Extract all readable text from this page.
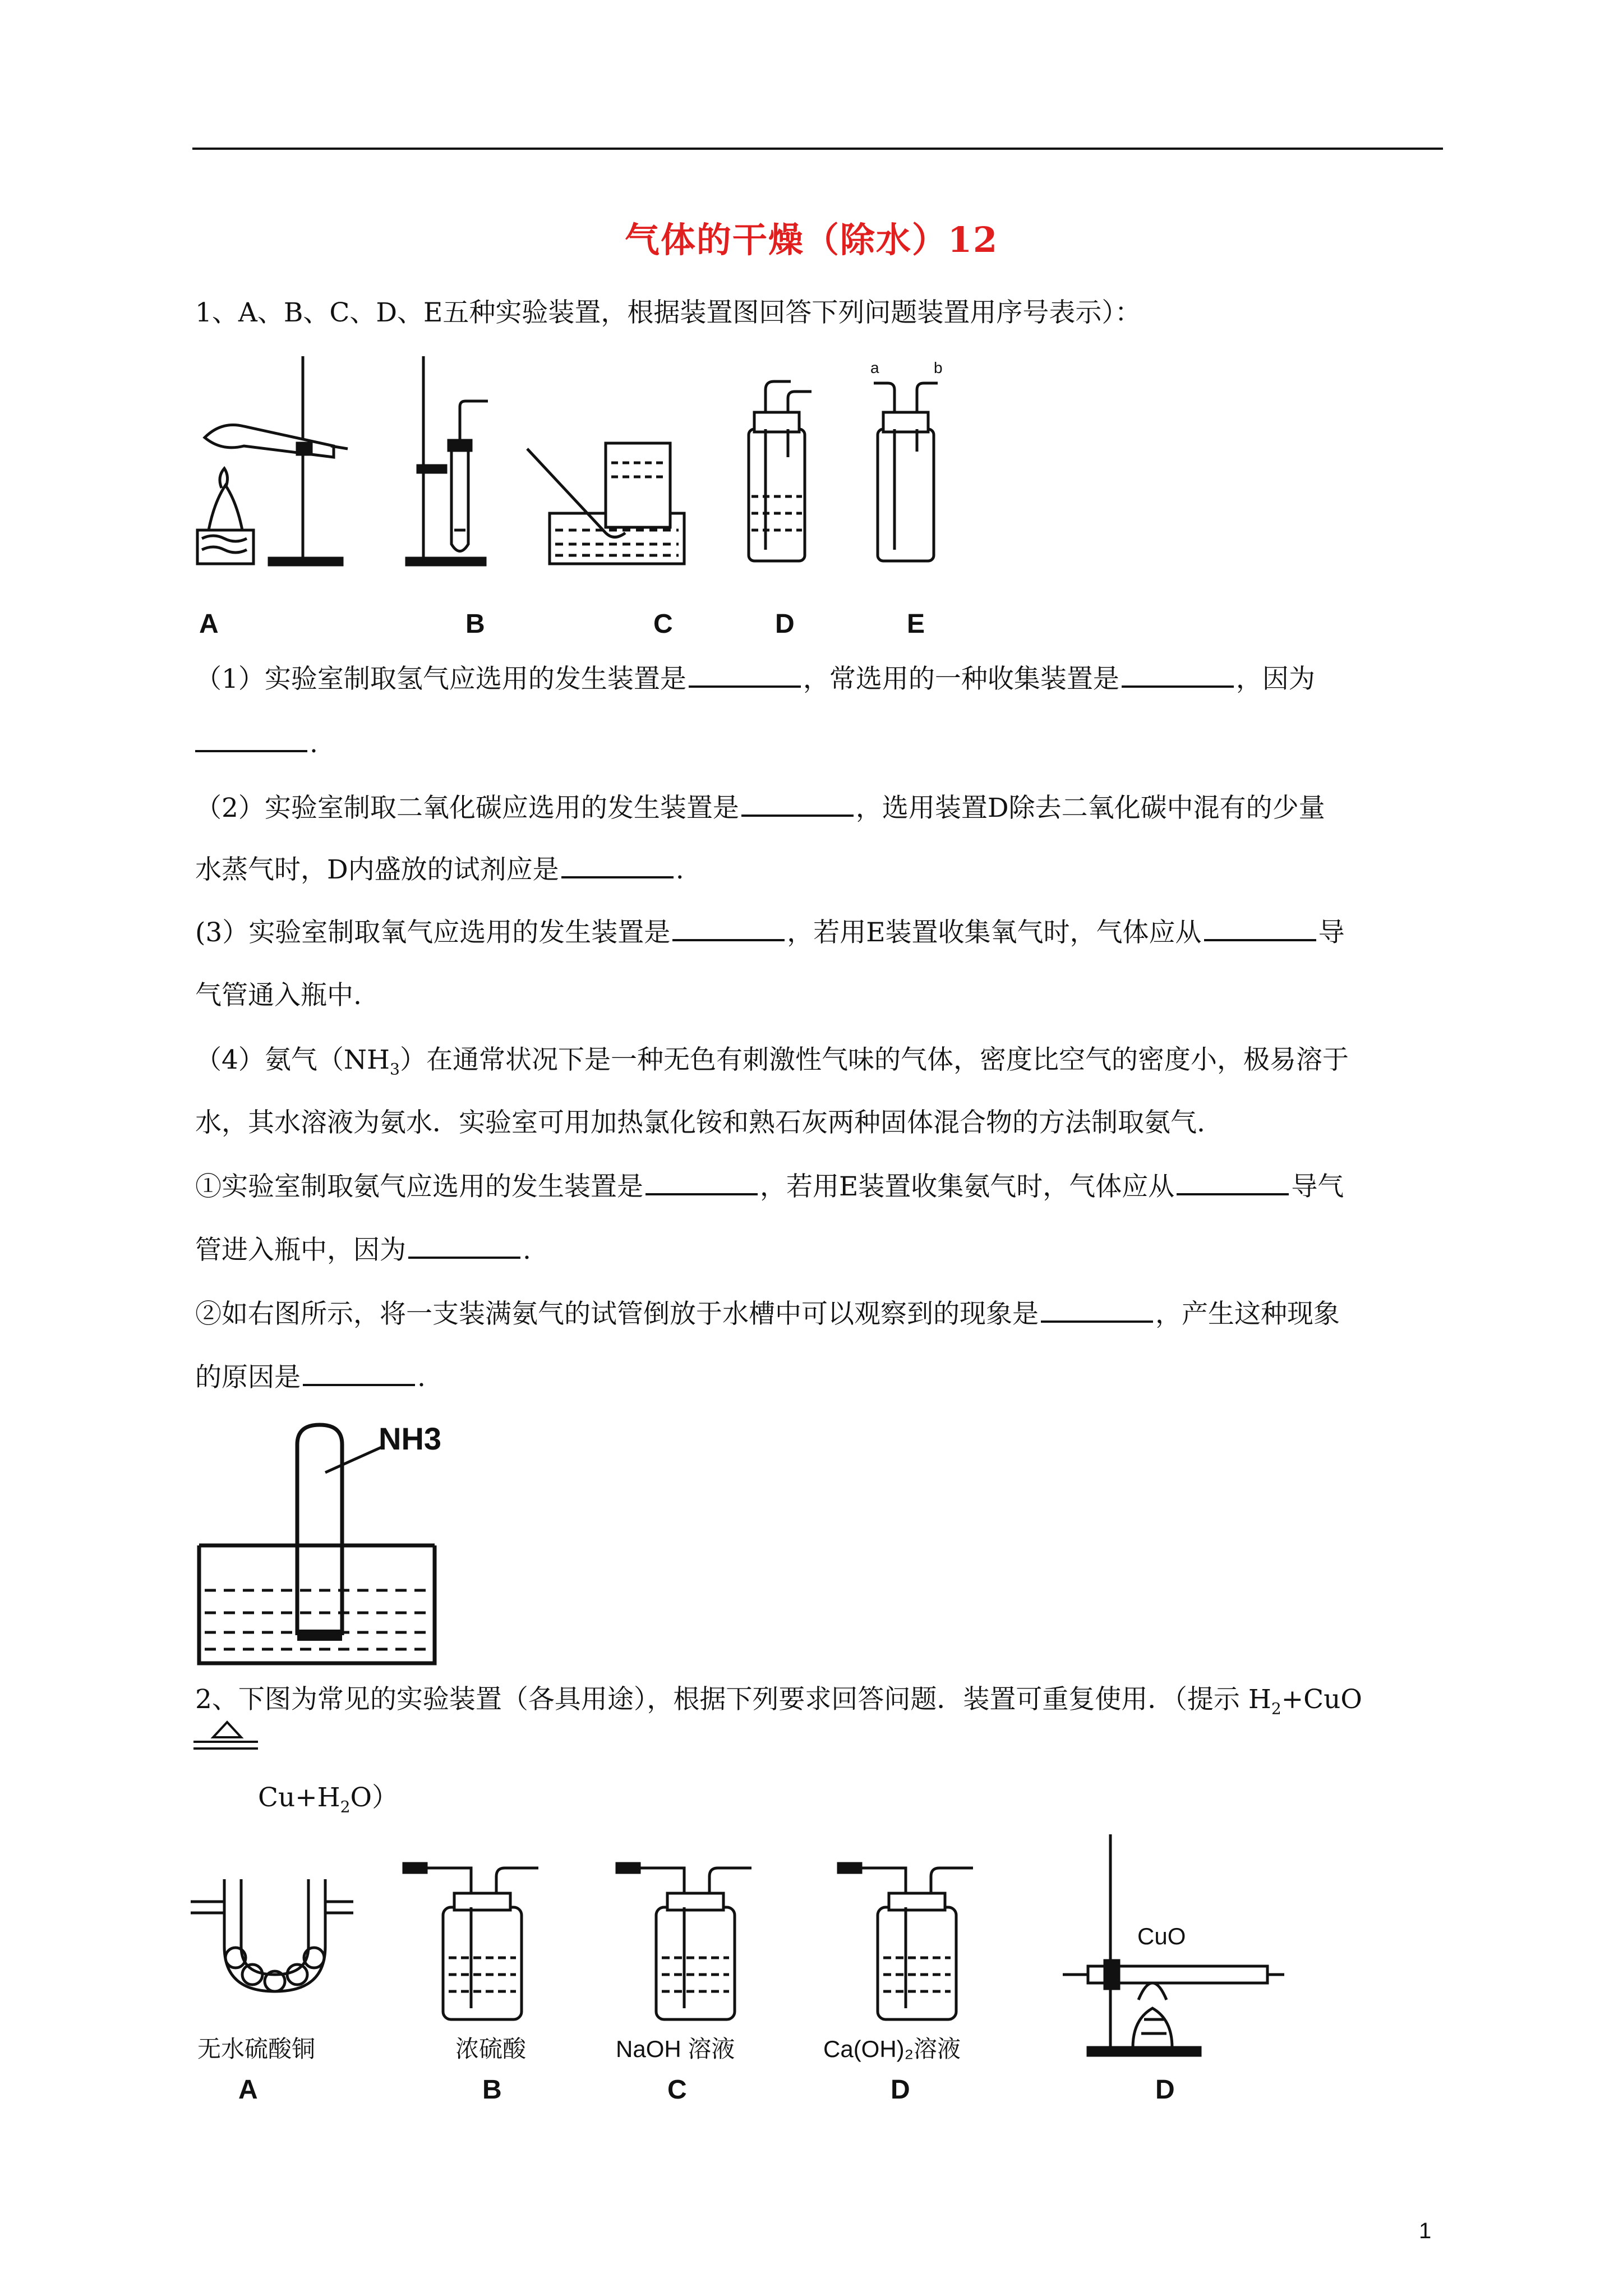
气体的干燥（除水）12
1、A、B、C、D、E五种实验装置，根据装置图回答下列问题装置用序号表示）：
a	b
A	B	C	D	E
（1）实验室制取氢气应选用的发生装置是	，常选用的一种收集装置是	，因为
.
（2）实验室制取二氧化碳应选用的发生装置是	，选用装置D除去二氧化碳中混有的少量
水蒸气时，D内盛放的试剂应是	.
(3）实验室制取氧气应选用的发生装置是	，若用E装置收集氧气时，气体应从	导
气管通入瓶中.
（4）氨气$(NH_3)$在通常状况下是一种无色有刺激性气味的气体，密度比空气的密度小，极易溶于
水，其水溶液为氨水．实验室可用加热氯化铵和熟石灰两种固体混合物的方法制取氨气.
①实验室制取氨气应选用的发生装置是	，若用E装置收集氨气时，气体应从	导气
管进入瓶中，因为	.
②如右图所示，将一支装满氨气的试管倒放于水槽中可以观察到的现象是	，产生这种现象
的原因是	.
NH3
2、下图为常见的实验装置（各具用途），根据下列要求回答问题．装置可重复使用．（提示 $H_2+CuO$
$Cu+H_2O$）
CuO
无水硫酸铜	浓硫酸	NaOH 溶液	Ca(OH)₂溶液
A	B	C	D	D
1
